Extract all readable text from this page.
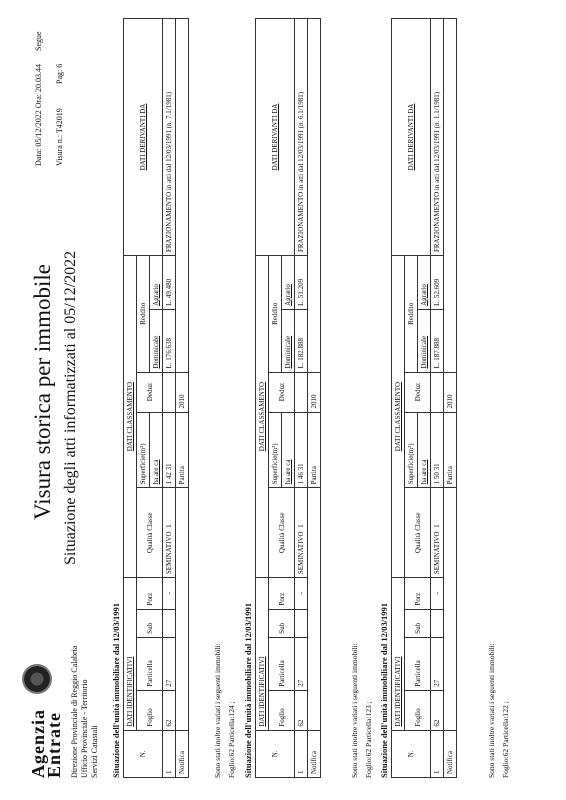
Agenzia
Entrate Direzione Provinciale di Reggio Calabria Ufficio Provinciale - Territorio Servizi Catastali
Visura storica per immobile Situazione degli atti informatizzati al 05/12/2022
Data: 05/12/2022 Ora: 20.03.44 Visura n.: T42019
Pag: 6
Segue
Situazione dell'unità immobiliare dal 12/03/1991	N.	DATI IDENTIFICATIVI				DATI CLASSAMENTO					DATI DERIVANTI DA
	Foglio	Particella	Sub	Porz	Qualità Classe	Superficie(m²)	Deduz	Reddito		
						ha are ca		Dominicale	Agrario	
1	62	27		-	SEMINATIVO  1	1 42 31		L. 176.638	L. 49.480	FRAZIONAMENTO in atti dal 12/03/1991 (n. 7.1/1981)
Notifica						Partita	2010			
Sono stati inoltre variati i seguenti immobili: Foglio:62 Particella:124 ; Situazione dell'unità immobiliare dal 12/03/1991	N.	DATI IDENTIFICATIVI				DATI CLASSAMENTO					DATI DERIVANTI DA
	Foglio	Particella	Sub	Porz	Qualità Classe	Superficie(m²)	Deduz	Reddito		
						ha are ca		Dominicale	Agrario	
1	62	27		-	SEMINATIVO  1	1 46 31		L. 182.888	L. 51.209	FRAZIONAMENTO in atti dal 12/03/1991 (n. 6.1/1981)
Notifica						Partita	2010			
Sono stati inoltre variati i seguenti immobili: Foglio:62 Particella:123 ; Situazione dell'unità immobiliare dal 12/03/1991	N.	DATI IDENTIFICATIVI				DATI CLASSAMENTO					DATI DERIVANTI DA
	Foglio	Particella	Sub	Porz	Qualità Classe	Superficie(m²)	Deduz	Reddito		
						ha are ca		Dominicale	Agrario	
1	62	27		-	SEMINATIVO  1	1 50 31		L. 187.888	L. 52.609	FRAZIONAMENTO in atti dal 12/03/1991 (n. 1.1/1981)
Notifica						Partita	2010			
Sono stati inoltre variati i seguenti immobili: Foglio:62 Particella:122 ;
